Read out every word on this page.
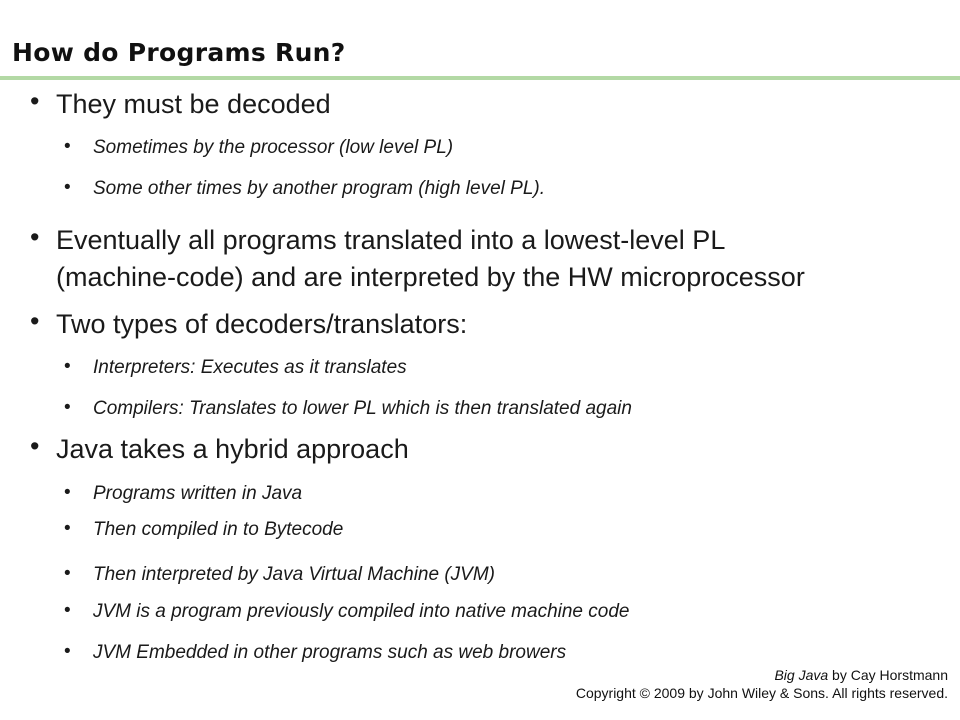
How do Programs Run?
• They must be decoded
• Sometimes by the processor (low level PL)
• Some other times by another program (high level PL).
• Eventually all programs translated into a lowest-level PL
(machine-code) and are interpreted by the HW microprocessor
• Two types of decoders/translators:
• Interpreters: Executes as it translates
• Compilers: Translates to lower PL which is then translated again
• Java takes a hybrid approach
• Programs written in Java
• Then compiled in to Bytecode
• Then interpreted by Java Virtual Machine (JVM)
• JVM is a program previously compiled into native machine code
• JVM Embedded in other programs such as web browers
Big Java by Cay Horstmann
Copyright © 2009 by John Wiley & Sons. All rights reserved.
